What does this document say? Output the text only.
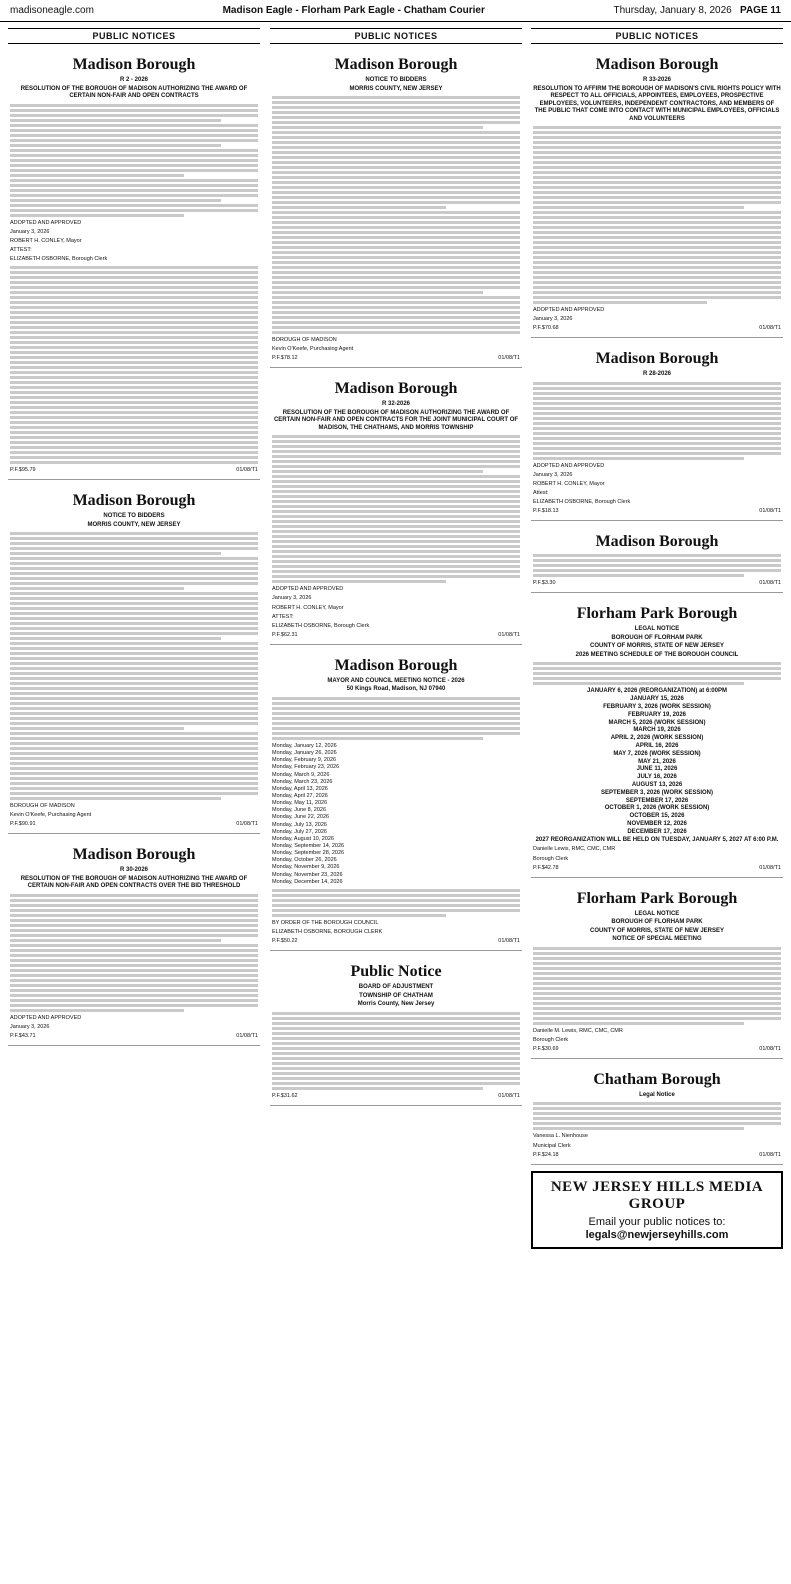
madisoneagle.com	Madison Eagle - Florham Park Eagle - Chatham Courier	Thursday, January 8, 2026 PAGE 11
PUBLIC NOTICES
Madison Borough
R 2 - 2026
RESOLUTION OF THE BOROUGH OF MADISON AUTHORIZING THE AWARD OF CERTAIN NON-FAIR AND OPEN CONTRACTS
ADOPTED AND APPROVED
January 3, 2026
ROBERT H. CONLEY, Mayor
ATTEST:
ELIZABETH OSBORNE, Borough Clerk
P.F.$95.79	01/08/T1
Madison Borough
NOTICE TO BIDDERS
MORRIS COUNTY, NEW JERSEY
BOROUGH OF MADISON
Kevin O'Keefe, Purchasing Agent
P.F.$90.91	01/08/T1
Madison Borough
R 30-2026
RESOLUTION OF THE BOROUGH OF MADISON AUTHORIZING THE AWARD OF CERTAIN NON-FAIR AND OPEN CONTRACTS OVER THE BID THRESHOLD
ADOPTED AND APPROVED
January 3, 2026
P.F.$43.71	01/08/T1
PUBLIC NOTICES
Madison Borough
NOTICE TO BIDDERS
MORRIS COUNTY, NEW JERSEY
BOROUGH OF MADISON
Kevin O'Keefe, Purchasing Agent
P.F.$78.12	01/08/T1
Madison Borough
R 32-2026
RESOLUTION OF THE BOROUGH OF MADISON AUTHORIZING THE AWARD OF CERTAIN NON-FAIR AND OPEN CONTRACTS FOR THE JOINT MUNICIPAL COURT OF MADISON, THE CHATHAMS, AND MORRIS TOWNSHIP
ADOPTED AND APPROVED
January 3, 2026
ROBERT H. CONLEY, Mayor
ATTEST:
ELIZABETH OSBORNE, Borough Clerk
P.F.$62.31	01/08/T1
Madison Borough
MAYOR AND COUNCIL MEETING NOTICE - 2026
50 Kings Road, Madison, NJ 07940
Monday, January 12, 2026
Monday, January 26, 2026
Monday, February 9, 2026
Monday, February 23, 2026
Monday, March 9, 2026
Monday, March 23, 2026
Monday, April 13, 2026
Monday, April 27, 2026
Monday, May 11, 2026
Monday, June 8, 2026
Monday, June 22, 2026
Monday, July 13, 2026
Monday, July 27, 2026
Monday, August 10, 2026
Monday, September 14, 2026
Monday, September 28, 2026
Monday, October 26, 2026
Monday, November 9, 2026
Monday, November 23, 2026
Monday, December 14, 2026
BY ORDER OF THE BOROUGH COUNCIL
ELIZABETH OSBORNE, BOROUGH CLERK
P.F.$50.22	01/08/T1
Public Notice
BOARD OF ADJUSTMENT
TOWNSHIP OF CHATHAM
Morris County, New Jersey
P.F.$31.62	01/08/T1
PUBLIC NOTICES
Madison Borough
R 33-2026
RESOLUTION TO AFFIRM THE BOROUGH OF MADISON'S CIVIL RIGHTS POLICY WITH RESPECT TO ALL OFFICIALS, APPOINTEES, EMPLOYEES, PROSPECTIVE EMPLOYEES, VOLUNTEERS, INDEPENDENT CONTRACTORS, AND MEMBERS OF THE PUBLIC THAT COME INTO CONTACT WITH MUNICIPAL EMPLOYEES, OFFICIALS AND VOLUNTEERS
ADOPTED AND APPROVED
January 3, 2026
P.F.$70.68	01/08/T1
Madison Borough
R 28-2026
ADOPTED AND APPROVED
January 3, 2026
ROBERT H. CONLEY, Mayor
Attest:
ELIZABETH OSBORNE, Borough Clerk
P.F.$18.13	01/08/T1
Madison Borough
P.F.$3.30	01/08/T1
Florham Park Borough
LEGAL NOTICE
BOROUGH OF FLORHAM PARK
COUNTY OF MORRIS, STATE OF NEW JERSEY
2026 MEETING SCHEDULE OF THE BOROUGH COUNCIL
JANUARY 6, 2026 (REORGANIZATION) at 6:00PM
JANUARY 15, 2026
FEBRUARY 3, 2026 (WORK SESSION)
FEBRUARY 19, 2026
MARCH 5, 2026 (WORK SESSION)
MARCH 19, 2026
APRIL 2, 2026 (WORK SESSION)
APRIL 16, 2026
MAY 7, 2026 (WORK SESSION)
MAY 21, 2026
JUNE 11, 2026
JULY 16, 2026
AUGUST 13, 2026
SEPTEMBER 3, 2026 (WORK SESSION)
SEPTEMBER 17, 2026
OCTOBER 1, 2026 (WORK SESSION)
OCTOBER 15, 2026
NOVEMBER 12, 2026
DECEMBER 17, 2026
2027 REORGANIZATION WILL BE HELD ON TUESDAY, JANUARY 5, 2027 AT 6:00 P.M.
Danielle Lewis, RMC, CMC, CMR
Borough Clerk
P.F.$42.78	01/08/T1
Florham Park Borough
LEGAL NOTICE
BOROUGH OF FLORHAM PARK
COUNTY OF MORRIS, STATE OF NEW JERSEY
NOTICE OF SPECIAL MEETING
Danielle M. Lewis, RMC, CMC, CMR
Borough Clerk
P.F.$30.69	01/08/T1
Chatham Borough
Legal Notice
Vanessa L. Nienhouse
Municipal Clerk
P.F.$24.18	01/08/T1
NEW JERSEY HILLS MEDIA GROUP
Email your public notices to:
legals@newjerseyhills.com
